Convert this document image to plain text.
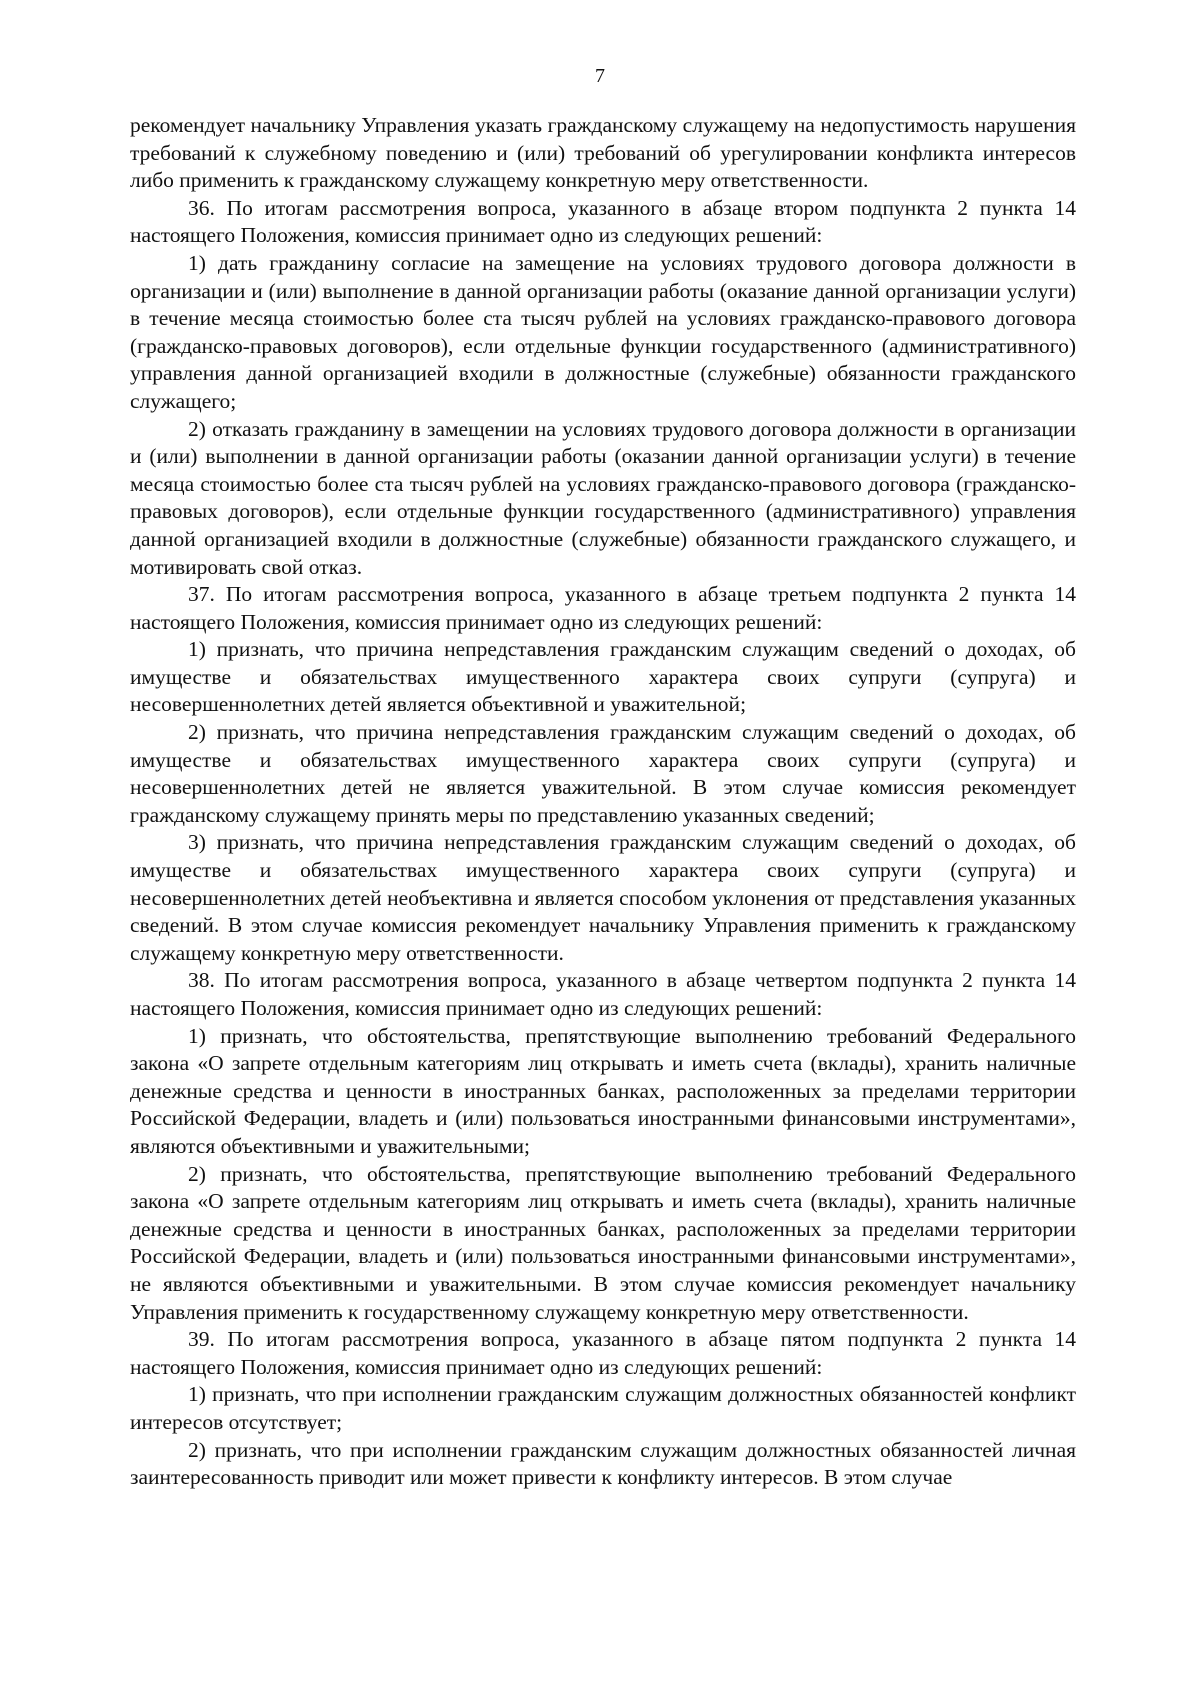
7

рекомендует начальнику Управления указать гражданскому служащему на недопустимость нарушения требований к служебному поведению и (или) требований об урегулировании конфликта интересов либо применить к гражданскому служащему конкретную меру ответственности.

36. По итогам рассмотрения вопроса, указанного в абзаце втором подпункта 2 пункта 14 настоящего Положения, комиссия принимает одно из следующих решений:

1) дать гражданину согласие на замещение на условиях трудового договора должности в организации и (или) выполнение в данной организации работы (оказание данной организации услуги) в течение месяца стоимостью более ста тысяч рублей на условиях гражданско-правового договора (гражданско-правовых договоров), если отдельные функции государственного (административного) управления данной организацией входили в должностные (служебные) обязанности гражданского служащего;

2) отказать гражданину в замещении на условиях трудового договора должности в организации и (или) выполнении в данной организации работы (оказании данной организации услуги) в течение месяца стоимостью более ста тысяч рублей на условиях гражданско-правового договора (гражданско-правовых договоров), если отдельные функции государственного (административного) управления данной организацией входили в должностные (служебные) обязанности гражданского служащего, и мотивировать свой отказ.

37. По итогам рассмотрения вопроса, указанного в абзаце третьем подпункта 2 пункта 14 настоящего Положения, комиссия принимает одно из следующих решений:

1) признать, что причина непредставления гражданским служащим сведений о доходах, об имуществе и обязательствах имущественного характера своих супруги (супруга) и несовершеннолетних детей является объективной и уважительной;

2) признать, что причина непредставления гражданским служащим сведений о доходах, об имуществе и обязательствах имущественного характера своих супруги (супруга) и несовершеннолетних детей не является уважительной. В этом случае комиссия рекомендует гражданскому служащему принять меры по представлению указанных сведений;

3) признать, что причина непредставления гражданским служащим сведений о доходах, об имуществе и обязательствах имущественного характера своих супруги (супруга) и несовершеннолетних детей необъективна и является способом уклонения от представления указанных сведений. В этом случае комиссия рекомендует начальнику Управления применить к гражданскому служащему конкретную меру ответственности.

38. По итогам рассмотрения вопроса, указанного в абзаце четвертом подпункта 2 пункта 14 настоящего Положения, комиссия принимает одно из следующих решений:

1) признать, что обстоятельства, препятствующие выполнению требований Федерального закона «О запрете отдельным категориям лиц открывать и иметь счета (вклады), хранить наличные денежные средства и ценности в иностранных банках, расположенных за пределами территории Российской Федерации, владеть и (или) пользоваться иностранными финансовыми инструментами», являются объективными и уважительными;

2) признать, что обстоятельства, препятствующие выполнению требований Федерального закона «О запрете отдельным категориям лиц открывать и иметь счета (вклады), хранить наличные денежные средства и ценности в иностранных банках, расположенных за пределами территории Российской Федерации, владеть и (или) пользоваться иностранными финансовыми инструментами», не являются объективными и уважительными. В этом случае комиссия рекомендует начальнику Управления применить к государственному служащему конкретную меру ответственности.

39. По итогам рассмотрения вопроса, указанного в абзаце пятом подпункта 2 пункта 14 настоящего Положения, комиссия принимает одно из следующих решений:

1) признать, что при исполнении гражданским служащим должностных обязанностей конфликт интересов отсутствует;

2) признать, что при исполнении гражданским служащим должностных обязанностей личная заинтересованность приводит или может привести к конфликту интересов. В этом случае
